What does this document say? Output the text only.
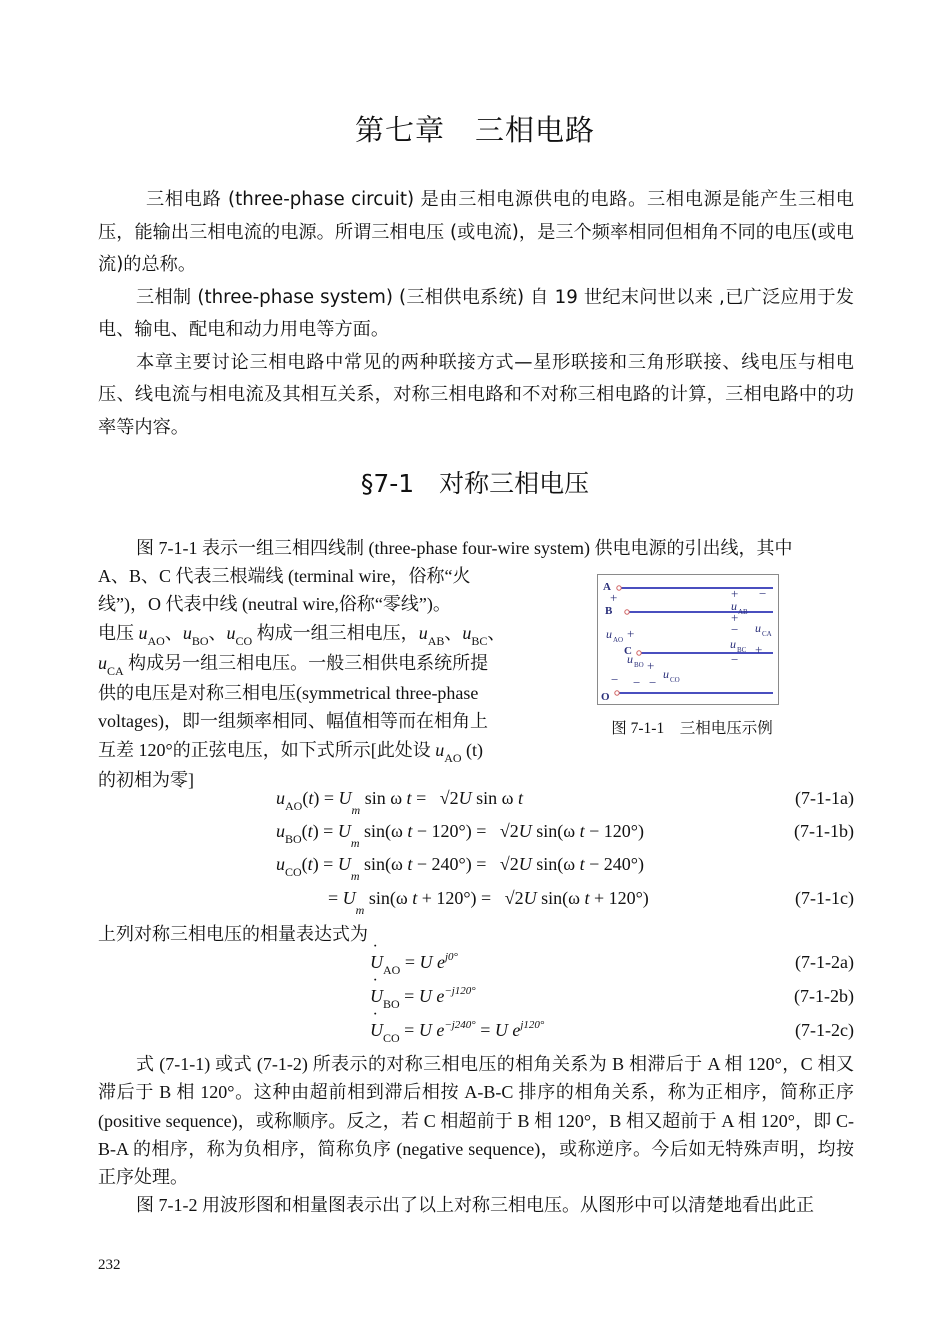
第七章　三相电路

三相电路 (three-phase circuit) 是由三相电源供电的电路。三相电源是能产生三相电压，能输出三相电流的电源。所谓三相电压 (或电流)，是三个频率相同但相角不同的电压(或电流)的总称。

三相制 (three-phase system) (三相供电系统) 自 19 世纪末问世以来 ,已广泛应用于发电、输电、配电和动力用电等方面。

本章主要讨论三相电路中常见的两种联接方式—星形联接和三角形联接、线电压与相电压、线电流与相电流及其相互关系，对称三相电路和不对称三相电路的计算，三相电路中的功率等内容。

§7-1　对称三相电压

图 7-1-1 表示一组三相四线制 (three-phase four-wire system) 供电电源的引出线，其中

A、B、C 代表三根端线 (terminal wire，俗称“火
线”)，O 代表中线 (neutral wire,俗称“零线”)。
电压 $u_{AO}$、$u_{BO}$、$u_{CO}$ 构成一组三相电压，$u_{AB}$、$u_{BC}$、
$u_{CA}$ 构成另一组三相电压。一般三相供电系统所提
供的电压是对称三相电压(symmetrical three-phase
voltages)，即一组频率相同、幅值相等而在相角上
互差 120°的正弦电压，如下式所示[此处设 $u_{AO}$ (t)
的初相为零]
A
B
C
O
+	−
+
−
+
−
+
+
+
− − −
u AB
u CA
u BC
u AO
u BO
u CO
图 7-1-1　三相电压示例
$u_{AO}(t) = U_m$ sin ω t =   √2U sin ω t	(7-1-1a)
$u_{BO}(t) = U_m$ sin(ω t − 120°) =   √2U sin(ω t − 120°)	(7-1-1b)
$u_{CO}(t) = U_m$ sin(ω t − 240°) =   √2U sin(ω t − 240°)
= $U_m$ sin(ω t + 120°) =   √2U sin(ω t + 120°)	(7-1-1c)
上列对称三相电压的相量表达式为
· $U_{AO} = U$ $e^{j0^\circ}$	(7-1-2a)
· $U_{BO} = U$ $e^{-j120^\circ}$	(7-1-2b)
· $U_{CO} = U$ $e^{-j240^\circ} = U$ $e^{j120^\circ}$	(7-1-2c)

式 (7-1-1) 或式 (7-1-2) 所表示的对称三相电压的相角关系为 B 相滞后于 A 相 120°，C 相又滞后于 B 相 120°。这种由超前相到滞后相按 A-B-C 排序的相角关系，称为正相序，简称正序 (positive sequence)，或称顺序。反之，若 C 相超前于 B 相 120°，B 相又超前于 A 相 120°，即 C-B-A 的相序，称为负相序，简称负序 (negative sequence)，或称逆序。今后如无特殊声明，均按正序处理。

图 7-1-2 用波形图和相量图表示出了以上对称三相电压。从图形中可以清楚地看出此正

232
